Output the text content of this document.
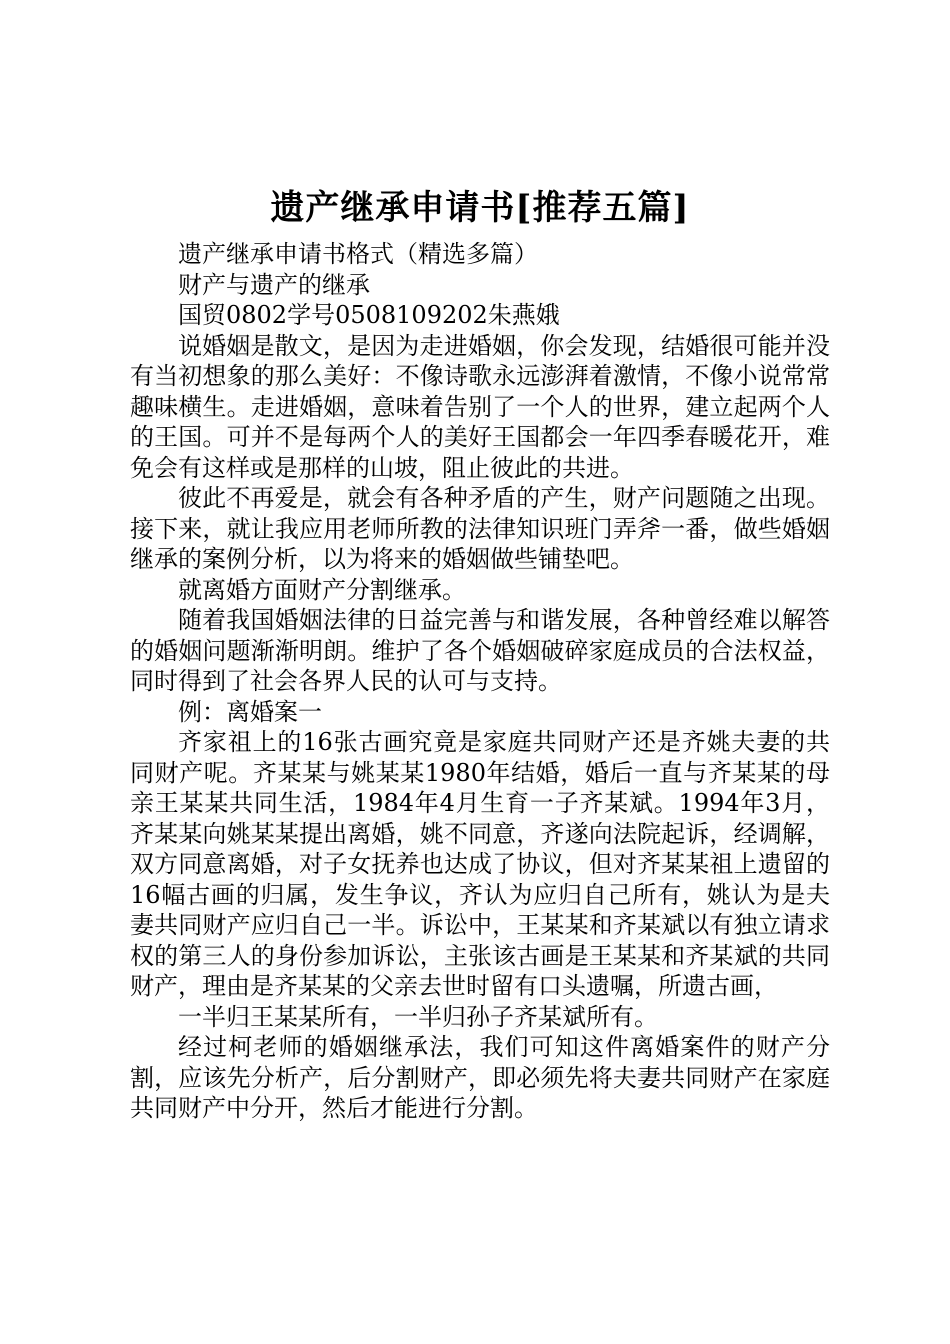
遗产继承申请书[推荐五篇]

遗产继承申请书格式（精选多篇）

财产与遗产的继承

国贸0802学号0508109202朱燕娥

说婚姻是散文，是因为走进婚姻，你会发现，结婚很可能并没有当初想象的那么美好：不像诗歌永远澎湃着激情，不像小说常常趣味横生。走进婚姻，意味着告别了一个人的世界，建立起两个人的王国。可并不是每两个人的美好王国都会一年四季春暖花开，难免会有这样或是那样的山坡，阻止彼此的共进。

彼此不再爱是，就会有各种矛盾的产生，财产问题随之出现。接下来，就让我应用老师所教的法律知识班门弄斧一番，做些婚姻继承的案例分析，以为将来的婚姻做些铺垫吧。

就离婚方面财产分割继承。

随着我国婚姻法律的日益完善与和谐发展，各种曾经难以解答的婚姻问题渐渐明朗。维护了各个婚姻破碎家庭成员的合法权益，同时得到了社会各界人民的认可与支持。

例：离婚案一

齐家祖上的16张古画究竟是家庭共同财产还是齐姚夫妻的共同财产呢。齐某某与姚某某1980年结婚，婚后一直与齐某某的母亲王某某共同生活，1984年4月生育一子齐某斌。1994年3月，齐某某向姚某某提出离婚，姚不同意，齐遂向法院起诉，经调解，双方同意离婚，对子女抚养也达成了协议，但对齐某某祖上遗留的16幅古画的归属，发生争议，齐认为应归自己所有，姚认为是夫妻共同财产应归自己一半。诉讼中，王某某和齐某斌以有独立请求权的第三人的身份参加诉讼，主张该古画是王某某和齐某斌的共同财产，理由是齐某某的父亲去世时留有口头遗嘱，所遗古画，

一半归王某某所有，一半归孙子齐某斌所有。

经过柯老师的婚姻继承法，我们可知这件离婚案件的财产分割，应该先分析产，后分割财产，即必须先将夫妻共同财产在家庭共同财产中分开，然后才能进行分割。
